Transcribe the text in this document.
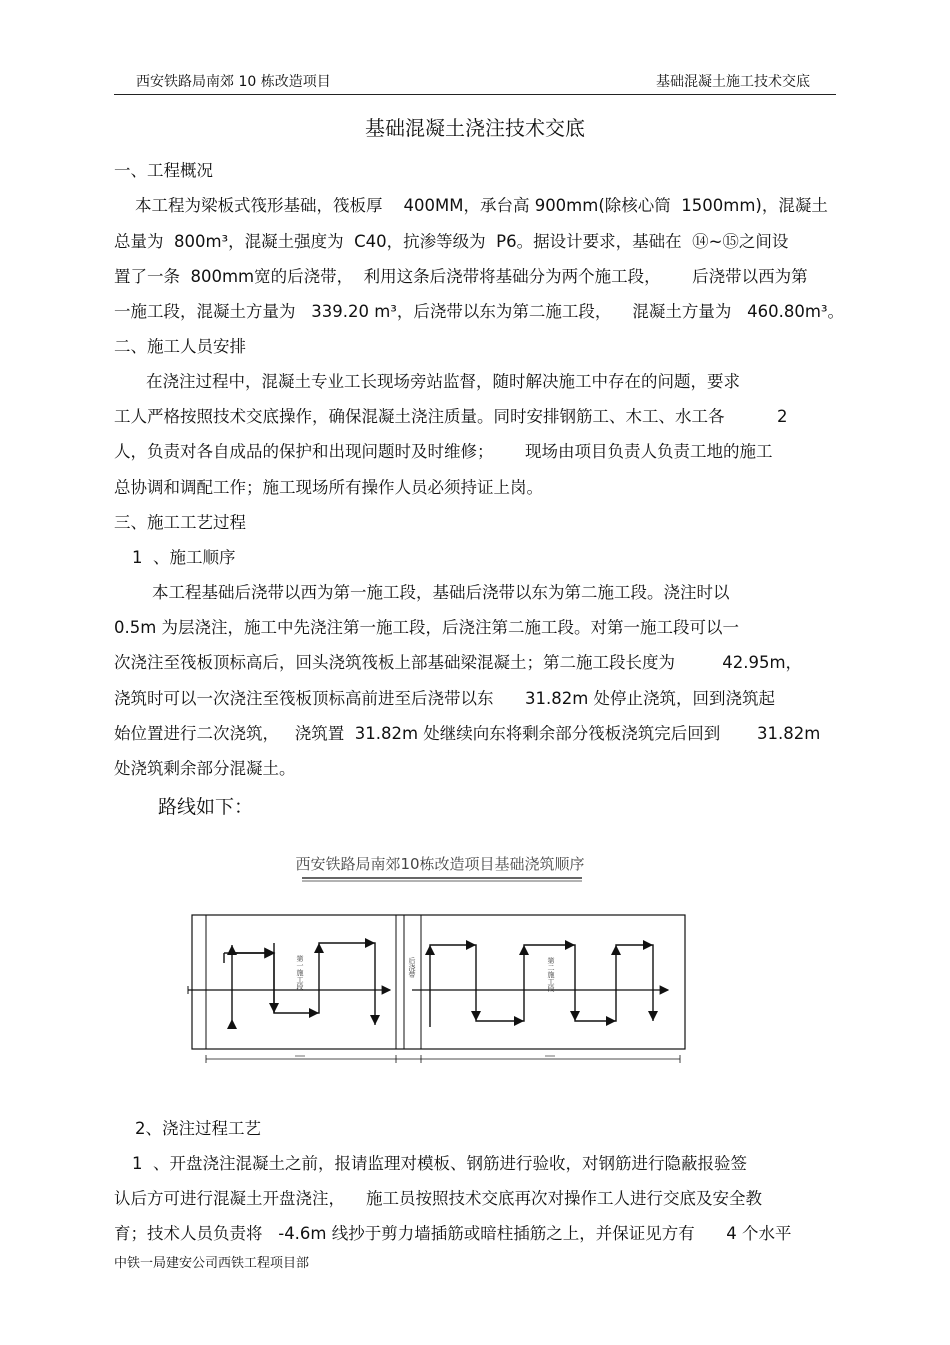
西安铁路局南郊 10 栋改造项目	基础混凝土施工技术交底
基础混凝土浇注技术交底
一、工程概况
本工程为梁板式筏形基础，筏板厚    400MM，承台高 900mm(除核心筒  1500mm)，混凝土
总量为  800m³，混凝土强度为  C40，抗渗等级为  P6。据设计要求，基础在  ⑭~⑮之间设
置了一条  800mm宽的后浇带，  利用这条后浇带将基础分为两个施工段，      后浇带以西为第
一施工段，混凝土方量为   339.20 m³，后浇带以东为第二施工段，    混凝土方量为   460.80m³。
二、施工人员安排
在浇注过程中，混凝土专业工长现场旁站监督，随时解决施工中存在的问题，要求
工人严格按照技术交底操作，确保混凝土浇注质量。同时安排钢筋工、木工、水工各          2
人，负责对各自成品的保护和出现问题时及时维修；      现场由项目负责人负责工地的施工
总协调和调配工作；施工现场所有操作人员必须持证上岗。
三、施工工艺过程
1  、施工顺序
本工程基础后浇带以西为第一施工段，基础后浇带以东为第二施工段。浇注时以
0.5m 为层浇注，施工中先浇注第一施工段，后浇注第二施工段。对第一施工段可以一
次浇注至筏板顶标高后，回头浇筑筏板上部基础梁混凝土；第二施工段长度为         42.95m，
浇筑时可以一次浇注至筏板顶标高前进至后浇带以东      31.82m 处停止浇筑，回到浇筑起
始位置进行二次浇筑，   浇筑置  31.82m 处继续向东将剩余部分筏板浇筑完后回到       31.82m
处浇筑剩余部分混凝土。
路线如下：
西安铁路局南郊10栋改造项目基础浇筑顺序
第一施工段	后浇带	第二施工段
2、浇注过程工艺
1  、开盘浇注混凝土之前，报请监理对模板、钢筋进行验收，对钢筋进行隐蔽报验签
认后方可进行混凝土开盘浇注，    施工员按照技术交底再次对操作工人进行交底及安全教
育；技术人员负责将   -4.6m 线抄于剪力墙插筋或暗柱插筋之上，并保证见方有      4 个水平
中铁一局建安公司西铁工程项目部
